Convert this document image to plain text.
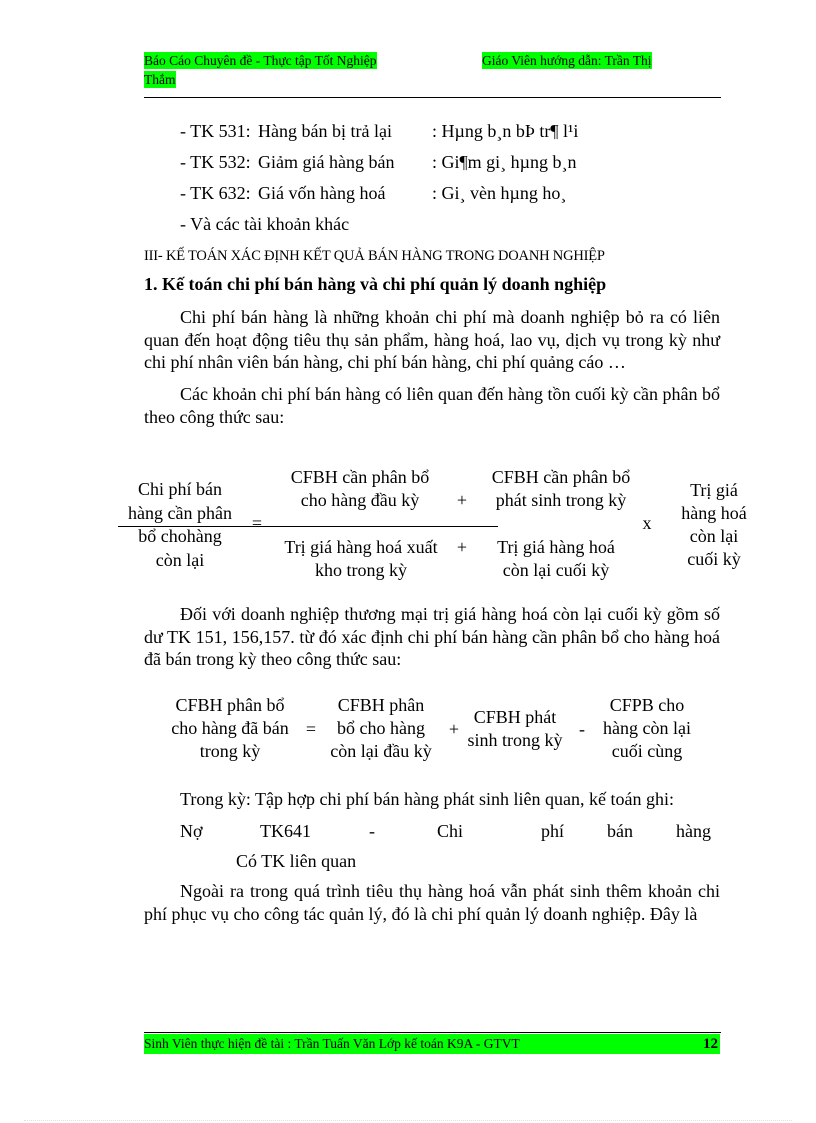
Báo Cáo Chuyên đề - Thực tập Tốt Nghiệp	Giáo Viên hướng dẫn: Trần Thị
Thắm
- TK 531: Hàng bán bị trả lại : Hµng b¸n bÞ tr¶ l¹i
- TK 532: Giảm giá hàng bán : Gi¶m gi¸ hµng b¸n
- TK 632: Giá vốn hàng hoá	: Gi¸ vèn hµng ho¸
- Và các tài khoản khác
III- KẾ TOÁN XÁC ĐỊNH KẾT QUẢ BÁN HÀNG TRONG DOANH NGHIỆP
1. Kế toán chi phí bán hàng và chi phí quản lý doanh nghiệp
Chi phí bán hàng là những khoản chi phí mà doanh nghiệp bỏ ra có liên quan đến hoạt động tiêu thụ sản phẩm, hàng hoá, lao vụ, dịch vụ trong kỳ như chi phí nhân viên bán hàng, chi phí bán hàng, chi phí quảng cáo …
Các khoản chi phí bán hàng có liên quan đến hàng tồn cuối kỳ cần phân bổ theo công thức sau:
Chi phí bán
hàng cần phân
bổ chohàng
còn lại
=
CFBH cần phân bổ
cho hàng đầu kỳ	+
CFBH cần phân bổ
phát sinh trong kỳ
Trị giá hàng hoá xuất
kho trong kỳ
+	Trị giá hàng hoá
còn lại cuối kỳ
x
Trị giá
hàng hoá
còn lại
cuối kỳ
Đối với doanh nghiệp thương mại trị giá hàng hoá còn lại cuối kỳ gồm số dư TK 151, 156,157. từ đó xác định chi phí bán hàng cần phân bổ cho hàng hoá đã bán trong kỳ theo công thức sau:
CFBH phân bổ
cho hàng đã bán
trong kỳ
=
CFBH phân
bổ cho hàng
còn lại đầu kỳ
+
CFBH phát
sinh trong kỳ
-
CFPB cho
hàng còn lại
cuối cùng
Trong kỳ: Tập hợp chi phí bán hàng phát sinh liên quan, kế toán ghi:
Nợ	TK641	-	Chi	phí bán hàng
Có TK liên quan
Ngoài ra trong quá trình tiêu thụ hàng hoá vẫn phát sinh thêm khoản chi phí phục vụ cho công tác quản lý, đó là chi phí quản lý doanh nghiệp. Đây là
Sinh Viên thực hiện đề tài : Trần Tuấn Văn Lớp kế toán K9A - GTVT	12
